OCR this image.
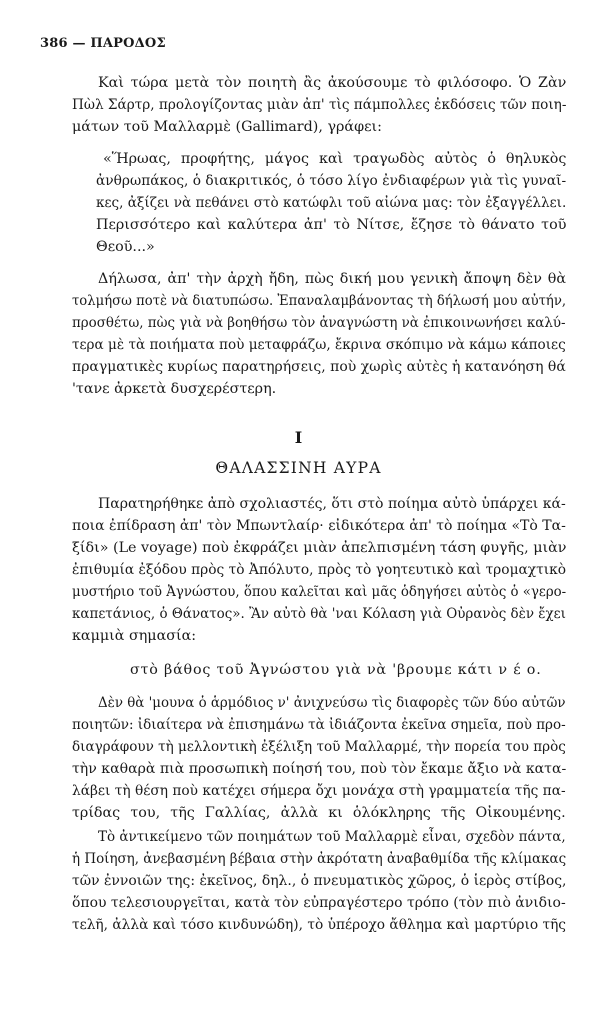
386 — ΠΑΡΟΔΟΣ
Καὶ τώρα μετὰ τὸν ποιητὴ ἂς ἀκούσουμε τὸ φιλόσοφο. Ὁ Ζὰν
Πὼλ Σάρτρ, προλογίζοντας μιὰν ἀπ' τὶς πάμπολλες ἐκδόσεις τῶν ποιη-
μάτων τοῦ Μαλλαρμὲ (Gallimard), γράφει:
«Ἥρωας, προφήτης, μάγος καὶ τραγωδὸς αὐτὸς ὁ θηλυκὸς
ἀνθρωπάκος, ὁ διακριτικός, ὁ τόσο λίγο ἐνδιαφέρων γιὰ τὶς γυναῖ-
κες, ἀξίζει νὰ πεθάνει στὸ κατώφλι τοῦ αἰώνα μας: τὸν ἐξαγγέλλει.
Περισσότερο καὶ καλύτερα ἀπ' τὸ Νίτσε, ἔζησε τὸ θάνατο τοῦ
Θεοῦ...»
Δήλωσα, ἀπ' τὴν ἀρχὴ ἤδη, πὼς δική μου γενικὴ ἄποψη δὲν θὰ
τολμήσω ποτὲ νὰ διατυπώσω. Ἐπαναλαμβάνοντας τὴ δήλωσή μου αὐτήν,
προσθέτω, πὼς γιὰ νὰ βοηθήσω τὸν ἀναγνώστη νὰ ἐπικοινωνήσει καλύ-
τερα μὲ τὰ ποιήματα ποὺ μεταφράζω, ἔκρινα σκόπιμο νὰ κάμω κάποιες
πραγματικὲς κυρίως παρατηρήσεις, ποὺ χωρὶς αὐτὲς ἡ κατανόηση θά
'τανε ἀρκετὰ δυσχερέστερη.
I
ΘΑΛΑΣΣΙΝΗ ΑΥΡΑ
Παρατηρήθηκε ἀπὸ σχολιαστές, ὅτι στὸ ποίημα αὐτὸ ὑπάρχει κά-
ποια ἐπίδραση ἀπ' τὸν Μπωντλαίρ· εἰδικότερα ἀπ' τὸ ποίημα «Τὸ Τα-
ξίδι» (Le voyage) ποὺ ἐκφράζει μιὰν ἀπελπισμένη τάση φυγῆς, μιὰν
ἐπιθυμία ἐξόδου πρὸς τὸ Ἀπόλυτο, πρὸς τὸ γοητευτικὸ καὶ τρομαχτικὸ
μυστήριο τοῦ Ἀγνώστου, ὅπου καλεῖται καὶ μᾶς ὁδηγήσει αὐτὸς ὁ «γερο-
καπετάνιος, ὁ Θάνατος». Ἂν αὐτὸ θὰ 'ναι Κόλαση γιὰ Οὐρανὸς δὲν ἔχει
καμμιὰ σημασία:
στὸ βάθος τοῦ Ἀγνώστου γιὰ νὰ 'βρουμε κάτι ν έ ο.
Δὲν θὰ 'μουνα ὁ ἁρμόδιος ν' ἀνιχνεύσω τὶς διαφορὲς τῶν δύο αὐτῶν
ποιητῶν: ἰδιαίτερα νὰ ἐπισημάνω τὰ ἰδιάζοντα ἐκεῖνα σημεῖα, ποὺ προ-
διαγράφουν τὴ μελλοντικὴ ἐξέλιξη τοῦ Μαλλαρμέ, τὴν πορεία του πρὸς
τὴν καθαρὰ πιὰ προσωπικὴ ποίησή του, ποὺ τὸν ἔκαμε ἄξιο νὰ κατα-
λάβει τὴ θέση ποὺ κατέχει σήμερα ὄχι μονάχα στὴ γραμματεία τῆς πα-
τρίδας του, τῆς Γαλλίας, ἀλλὰ κι ὁλόκληρης τῆς Οἰκουμένης.
Τὸ ἀντικείμενο τῶν ποιημάτων τοῦ Μαλλαρμὲ εἶναι, σχεδὸν πάντα,
ἡ Ποίηση, ἀνεβασμένη βέβαια στὴν ἀκρότατη ἀναβαθμίδα τῆς κλίμακας
τῶν ἐννοιῶν της: ἐκεῖνος, δηλ., ὁ πνευματικὸς χῶρος, ὁ ἱερὸς στίβος,
ὅπου τελεσιουργεῖται, κατὰ τὸν εὐπραγέστερο τρόπο (τὸν πιὸ ἀνιδιο-
τελῆ, ἀλλὰ καὶ τόσο κινδυνώδη), τὸ ὑπέροχο ἄθλημα καὶ μαρτύριο τῆς
